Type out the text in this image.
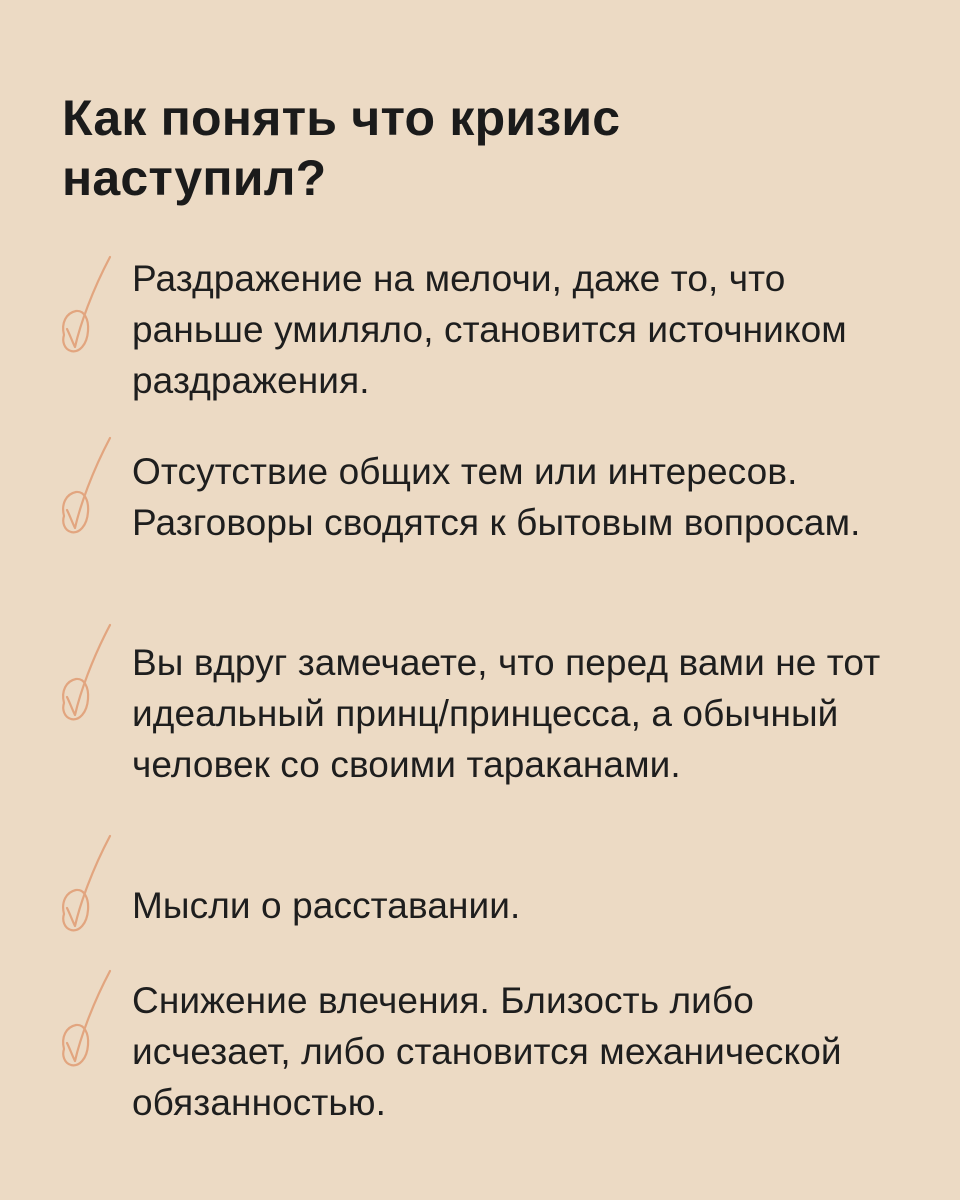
Как понять что кризис наступил?

Раздражение на мелочи, даже то, что раньше умиляло, становится источником раздражения.

Отсутствие общих тем или интересов. Разговоры сводятся к бытовым вопросам.

Вы вдруг замечаете, что перед вами не тот идеальный принц/принцесса, а обычный человек со своими тараканами.

Мысли о расставании.

Снижение влечения. Близость либо исчезает, либо становится механической обязанностью.
